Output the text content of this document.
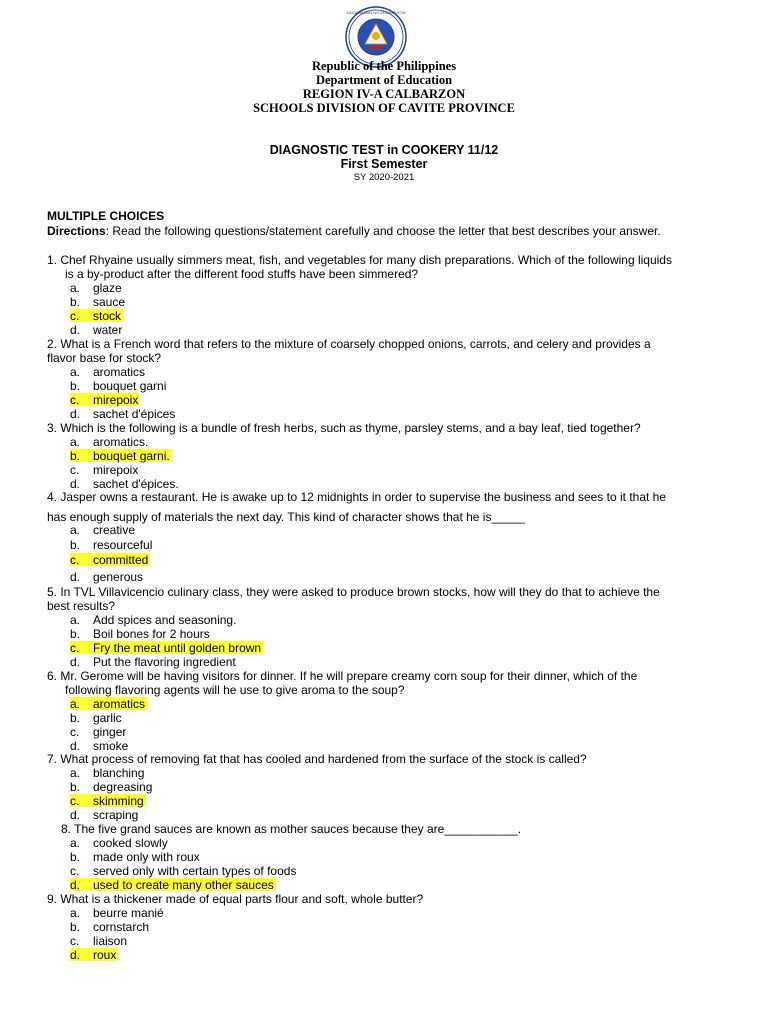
KAGAWARAN NG EDUKASYON
Republic of the Philippines
Department of Education
REGION IV-A CALBARZON
SCHOOLS DIVISION OF CAVITE PROVINCE
DIAGNOSTIC TEST in COOKERY 11/12
First Semester
SY 2020-2021
MULTIPLE CHOICES
Directions: Read the following questions/statement carefully and choose the letter that best describes your answer.
1. Chef Rhyaine usually simmers meat, fish, and vegetables for many dish preparations. Which of the following liquids
is a by-product after the different food stuffs have been simmered?
a. glaze
b. sauce
c. stock
d. water
2. What is a French word that refers to the mixture of coarsely chopped onions, carrots, and celery and provides a
flavor base for stock?
a. aromatics
b. bouquet garni
c. mirepoix
d. sachet d'épices
3. Which is the following is a bundle of fresh herbs, such as thyme, parsley stems, and a bay leaf, tied together?
a. aromatics.
b. bouquet garni.
c. mirepoix
d. sachet d'épices.
4. Jasper owns a restaurant. He is awake up to 12 midnights in order to supervise the business and sees to it that he
has enough supply of materials the next day. This kind of character shows that he is_____
a. creative
b. resourceful
c. committed
d. generous
5. In TVL Villavicencio culinary class, they were asked to produce brown stocks, how will they do that to achieve the
best results?
a. Add spices and seasoning.
b. Boil bones for 2 hours
c. Fry the meat until golden brown
d. Put the flavoring ingredient
6. Mr. Gerome will be having visitors for dinner. If he will prepare creamy corn soup for their dinner, which of the
following flavoring agents will he use to give aroma to the soup?
a. aromatics
b. garlic
c. ginger
d. smoke
7. What process of removing fat that has cooled and hardened from the surface of the stock is called?
a. blanching
b. degreasing
c. skimming
d. scraping
8. The five grand sauces are known as mother sauces because they are___________.
a. cooked slowly
b. made only with roux
c. served only with certain types of foods
d. used to create many other sauces
9. What is a thickener made of equal parts flour and soft, whole butter?
a. beurre manié
b. cornstarch
c. liaison
d. roux
